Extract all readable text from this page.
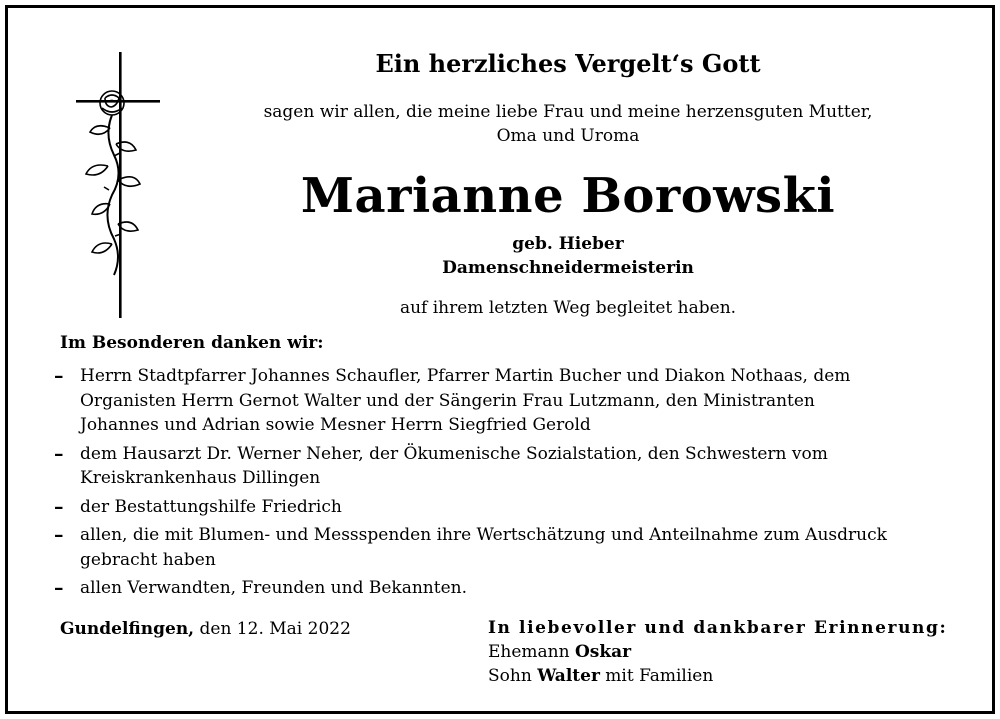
Ein herzliches Vergelt‘s Gott
sagen wir allen, die meine liebe Frau und meine herzensguten Mutter,
Oma und Uroma
Marianne Borowski
geb. Hieber
Damenschneidermeisterin
auf ihrem letzten Weg begleitet haben.
Im Besonderen danken wir:
– Herrn Stadtpfarrer Johannes Schaufler, Pfarrer Martin Bucher und Diakon Nothaas, dem
Organisten Herrn Gernot Walter und der Sängerin Frau Lutzmann, den Ministranten
Johannes und Adrian sowie Mesner Herrn Siegfried Gerold
– dem Hausarzt Dr. Werner Neher, der Ökumenische Sozialstation, den Schwestern vom
Kreiskrankenhaus Dillingen
– der Bestattungshilfe Friedrich
– allen, die mit Blumen- und Messspenden ihre Wertschätzung und Anteilnahme zum Ausdruck
gebracht haben
– allen Verwandten, Freunden und Bekannten.
Gundelfingen, den 12. Mai 2022	In liebevoller und dankbarer Erinnerung:
Ehemann Oskar
Sohn Walter mit Familien
